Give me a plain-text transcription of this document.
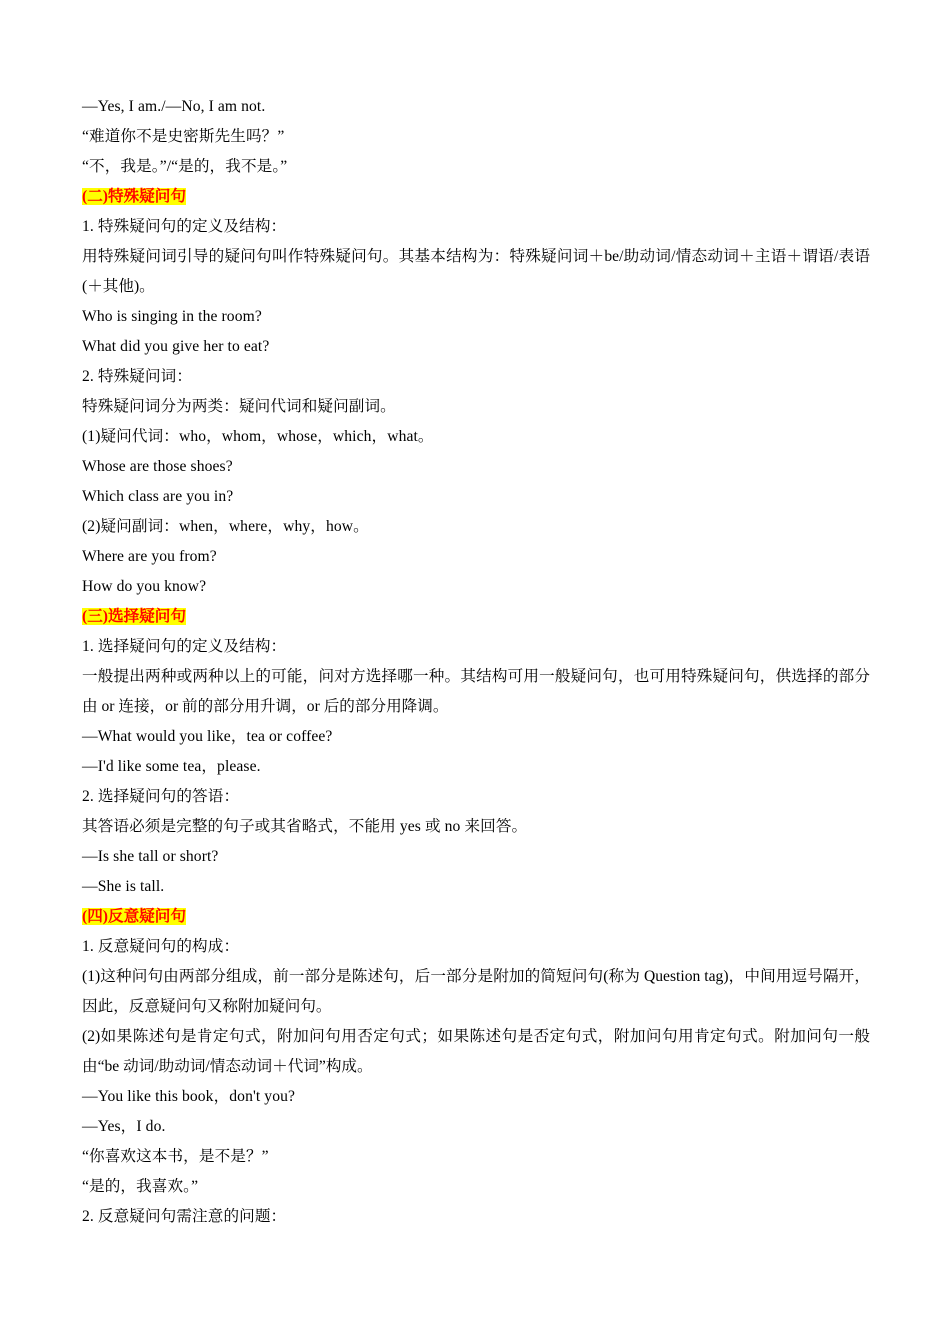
—Yes, I am./—No, I am not.
“难道你不是史密斯先生吗？”
“不，我是。”/“是的，我不是。”
(二)特殊疑问句
1. 特殊疑问句的定义及结构：
用特殊疑问词引导的疑问句叫作特殊疑问句。其基本结构为：特殊疑问词＋be/助动词/情态动词＋主语＋谓语/表语(＋其他)。
Who is singing in the room?
What did you give her to eat?
2. 特殊疑问词：
特殊疑问词分为两类：疑问代词和疑问副词。
(1)疑问代词：who，whom，whose，which，what。
Whose are those shoes?
Which class are you in?
(2)疑问副词：when，where，why，how。
Where are you from?
How do you know?
(三)选择疑问句
1. 选择疑问句的定义及结构：
一般提出两种或两种以上的可能，问对方选择哪一种。其结构可用一般疑问句，也可用特殊疑问句，供选择的部分由 or 连接，or 前的部分用升调，or 后的部分用降调。
—What would you like，tea or coffee?
—I'd like some tea，please.
2. 选择疑问句的答语：
其答语必须是完整的句子或其省略式，不能用 yes 或 no 来回答。
—Is she tall or short?
—She is tall.
(四)反意疑问句
1. 反意疑问句的构成：
(1)这种问句由两部分组成，前一部分是陈述句，后一部分是附加的简短问句(称为 Question tag)，中间用逗号隔开，因此，反意疑问句又称附加疑问句。
(2)如果陈述句是肯定句式，附加问句用否定句式；如果陈述句是否定句式，附加问句用肯定句式。附加问句一般由“be 动词/助动词/情态动词＋代词”构成。
—You like this book，don't you?
—Yes，I do.
“你喜欢这本书，是不是？”
“是的，我喜欢。”
2. 反意疑问句需注意的问题：
